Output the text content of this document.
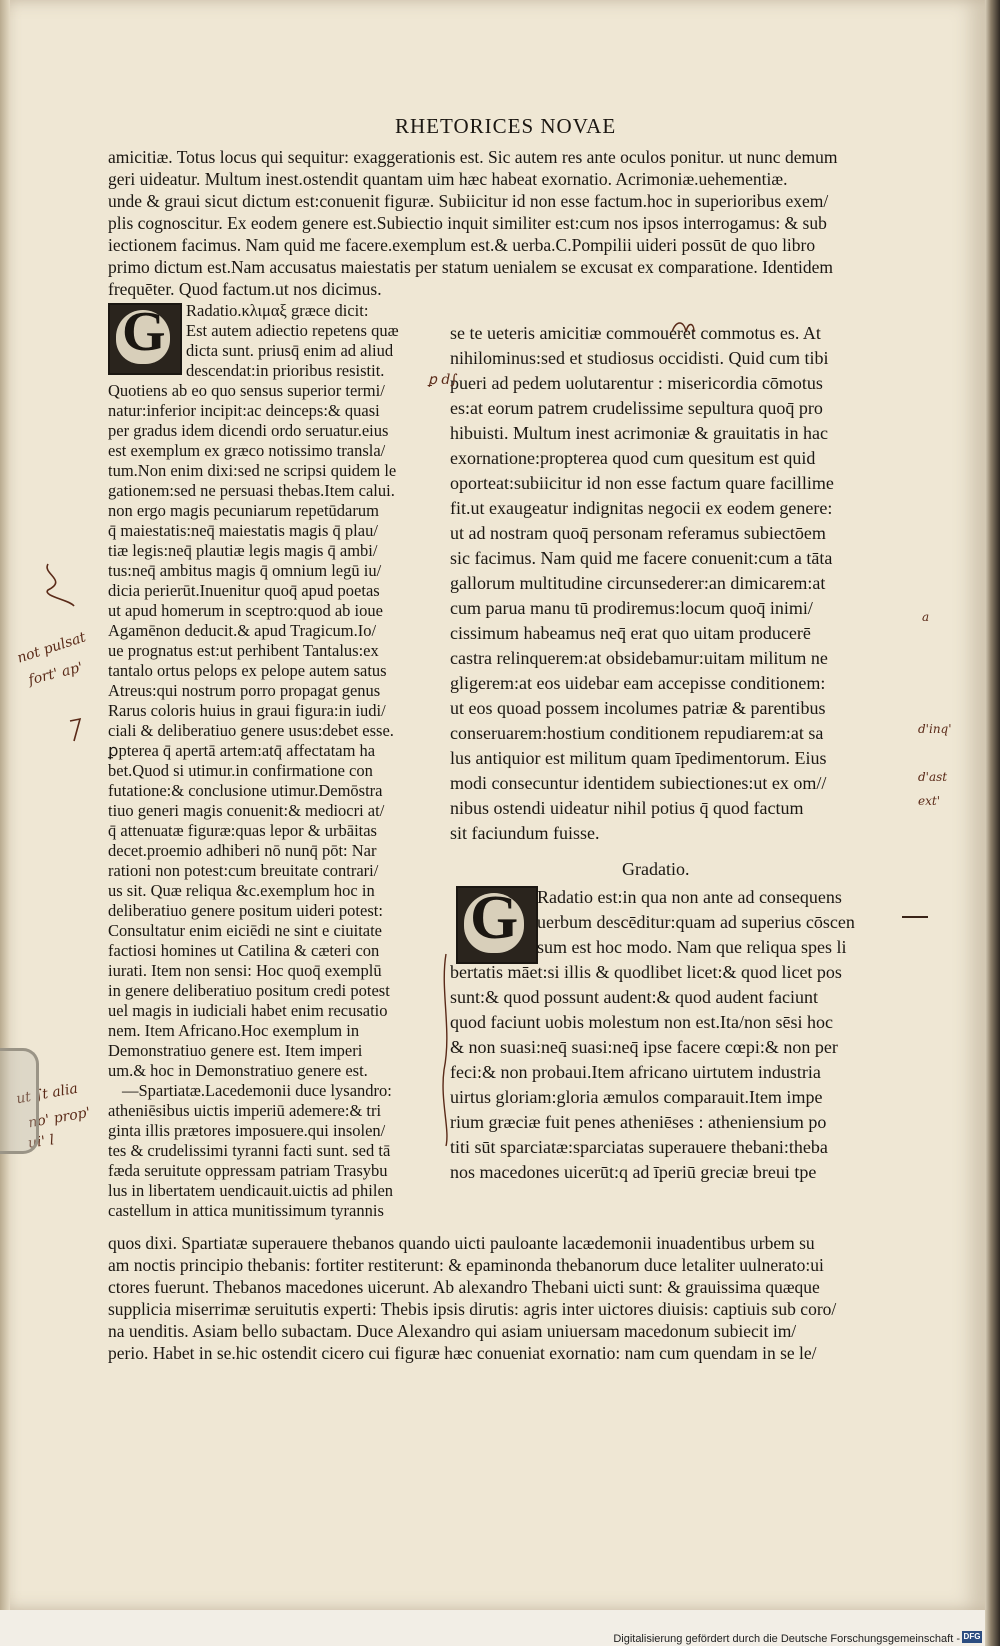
RHETORICES NOVAE
amicitiæ. Totus locus qui sequitur: exaggerationis est. Sic autem res ante oculos ponitur. ut nunc demum
geri uideatur. Multum inest.ostendit quantam uim hæc habeat exornatio. Acrimoniæ.uehementiæ.
unde & graui sicut dictum est:conuenit figuræ. Subiicitur id non esse factum.hoc in superioribus exem/
plis cognoscitur. Ex eodem genere est.Subiectio inquit similiter est:cum nos ipsos interrogamus: & sub
iectionem facimus. Nam quid me facere.exemplum est.& uerba.C.Pompilii uideri possūt de quo libro
primo dictum est.Nam accusatus maiestatis per statum uenialem se excusat ex comparatione. Identidem
frequēter. Quod factum.ut nos dicimus.
G Radatio.κλιμαξ græce dicit:
Est autem adiectio repetens quæ
dicta sunt. priusq̄ enim ad aliud
descendat:in prioribus resistit.
Quotiens ab eo quo sensus superior termi/
natur:inferior incipit:ac deinceps:& quasi
per gradus idem dicendi ordo seruatur.eius
est exemplum ex græco notissimo transla/
tum.Non enim dixi:sed ne scripsi quidem le
gationem:sed ne persuasi thebas.Item calui.
non ergo magis pecuniarum repetūdarum
q̄ maiestatis:neq̄ maiestatis magis q̄ plau/
tiæ legis:neq̄ plautiæ legis magis q̄ ambi/
tus:neq̄ ambitus magis q̄ omnium legū iu/
dicia perierūt.Inuenitur quoq̄ apud poetas
ut apud homerum in sceptro:quod ab ioue
Agamēnon deducit.& apud Tragicum.Io/
ue prognatus est:ut perhibent Tantalus:ex
tantalo ortus pelops ex pelope autem satus
Atreus:qui nostrum porro propagat genus
Rarus coloris huius in graui figura:in iudi/
ciali & deliberatiuo genere usus:debet esse.
ꝑpterea q̄ apertā artem:atq̄ affectatam ha
bet.Quod si utimur.in confirmatione con
futatione:& conclusione utimur.Demōstra
tiuo generi magis conuenit:& mediocri at/
q̄ attenuatæ figuræ:quas lepor & urbāitas
decet.proemio adhiberi nō nunq̄ pōt: Nar
rationi non potest:cum breuitate contrari/
us sit. Quæ reliqua &c.exemplum hoc in
deliberatiuo genere positum uideri potest:
Consultatur enim eiciēdi ne sint e ciuitate
factiosi homines ut Catilina & cæteri con
iurati. Item non sensi: Hoc quoq̄ exemplū
in genere deliberatiuo positum credi potest
uel magis in iudiciali habet enim recusatio
nem. Item Africano.Hoc exemplum in
Demonstratiuo genere est. Item imperi
um.& hoc in Demonstratiuo genere est.
—Spartiatæ.Lacedemonii duce lysandro:
atheniēsibus uictis imperiū ademere:& tri
ginta illis prætores imposuere.qui insolen/
tes & crudelissimi tyranni facti sunt. sed tā
fæda seruitute oppressam patriam Trasybu
lus in libertatem uendicauit.uictis ad philen
castellum in attica munitissimum tyrannis
se te ueteris amicitiæ commoueret commotus es. At
nihilominus:sed et studiosus occidisti. Quid cum tibi
pueri ad pedem uolutarentur : misericordia cōmotus
es:at eorum patrem crudelissime sepultura quoq̄ pro
hibuisti. Multum inest acrimoniæ & grauitatis in hac
exornatione:propterea quod cum quesitum est quid
oporteat:subiicitur id non esse factum quare facillime
fit.ut exaugeatur indignitas negocii ex eodem genere:
ut ad nostram quoq̄ personam referamus subiectōem
sic facimus. Nam quid me facere conuenit:cum a tāta
gallorum multitudine circunsederer:an dimicarem:at
cum parua manu tū prodiremus:locum quoq̄ inimi/
cissimum habeamus neq̄ erat quo uitam producerē
castra relinquerem:at obsidebamur:uitam militum ne
gligerem:at eos uidebar eam accepisse conditionem:
ut eos quoad possem incolumes patriæ & parentibus
conseruarem:hostium conditionem repudiarem:at sa
lus antiquior est militum quam īpedimentorum. Eius
modi consecuntur identidem subiectiones:ut ex om//
nibus ostendi uideatur nihil potius q̄ quod factum
sit faciundum fuisse.
Gradatio.
G Radatio est:in qua non ante ad consequens
uerbum descēditur:quam ad superius cōscen
sum est hoc modo. Nam que reliqua spes li
bertatis māet:si illis & quodlibet licet:& quod licet pos
sunt:& quod possunt audent:& quod audent faciunt
quod faciunt uobis molestum non est.Ita/non sēsi hoc
& non suasi:neq̄ suasi:neq̄ ipse facere cœpi:& non per
feci:& non probaui.Item africano uirtutem industria
uirtus gloriam:gloria æmulos comparauit.Item impe
rium græciæ fuit penes atheniēses : atheniensium po
titi sūt sparciatæ:sparciatas superauere thebani:theba
nos macedones uicerūt:q ad īperiū greciæ breui tpe
quos dixi. Spartiatæ superauere thebanos quando uicti pauloante lacædemonii inuadentibus urbem su
am noctis principio thebanis: fortiter restiterunt: & epaminonda thebanorum duce letaliter uulnerato:ui
ctores fuerunt. Thebanos macedones uicerunt. Ab alexandro Thebani uicti sunt: & grauissima quæque
supplicia miserrimæ seruitutis experti: Thebis ipsis dirutis: agris inter uictores diuisis: captiuis sub coro/
na uenditis. Asiam bello subactam. Duce Alexandro qui asiam uniuersam macedonum subiecit im/
perio. Habet in se.hic ostendit cicero cui figuræ hæc conueniat exornatio: nam cum quendam in se le/
ꝑ d∫
not pulsat
fort' ap'
ut ∫t alia
no' prop'
ui' l
d'inq'
d'ast
ext'
a
Digitalisierung gefördert durch die Deutsche Forschungsgemeinschaft - DFG
